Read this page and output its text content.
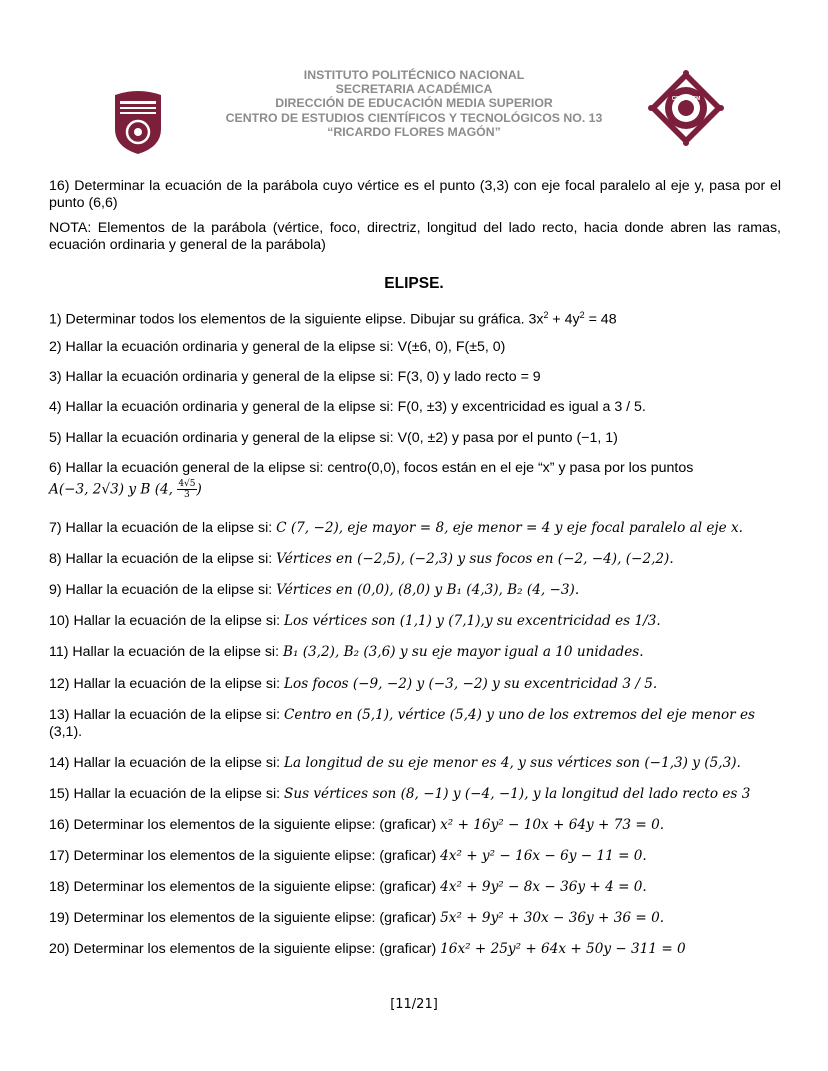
IPN
INSTITUTO POLITÉCNICO NACIONAL
SECRETARIA ACADÉMICA
DIRECCIÓN DE EDUCACIÓN MEDIA SUPERIOR
CENTRO DE ESTUDIOS CIENTÍFICOS Y TECNOLÓGICOS NO. 13
“RICARDO FLORES MAGÓN”
CECyT RFM

16) Determinar la ecuación de la parábola cuyo vértice es el punto (3,3) con eje focal paralelo al eje y, pasa por el punto (6,6)

NOTA: Elementos de la parábola (vértice, foco, directriz, longitud del lado recto, hacia donde abren las ramas, ecuación ordinaria y general de la parábola)

ELIPSE.
1) Determinar todos los elementos de la siguiente elipse. Dibujar su gráfica. $3x^2 + 4y^2 = 48$
2) Hallar la ecuación ordinaria y general de la elipse si: V(±6, 0), F(±5, 0)
3) Hallar la ecuación ordinaria y general de la elipse si: F(3, 0) y lado recto = 9
4) Hallar la ecuación ordinaria y general de la elipse si: F(0, ±3) y excentricidad es igual a 3 / 5.
5) Hallar la ecuación ordinaria y general de la elipse si: V(0, ±2) y pasa por el punto (−1, 1)
6) Hallar la ecuación general de la elipse si: centro(0,0), focos están en el eje “x” y pasa por los puntos
A(−3, 2√3) y B (4, $\frac{4√5}{3}$ )
7) Hallar la ecuación de la elipse si: C (7, −2), eje mayor = 8, eje menor = 4 y eje focal paralelo al eje x.
8) Hallar la ecuación de la elipse si: Vértices en (−2,5), (−2,3) y sus focos en (−2, −4), (−2,2).
9) Hallar la ecuación de la elipse si: Vértices en (0,0), (8,0) y B₁ (4,3), B₂ (4, −3).
10) Hallar la ecuación de la elipse si: Los vértices son (1,1) y (7,1),y su excentricidad es 1/3.
11) Hallar la ecuación de la elipse si: B₁ (3,2), B₂ (3,6) y su eje mayor igual a 10 unidades.
12) Hallar la ecuación de la elipse si: Los focos (−9, −2) y (−3, −2) y su excentricidad 3 / 5.
13) Hallar la ecuación de la elipse si: Centro en (5,1), vértice (5,4) y uno de los extremos del eje menor es
(3,1).
14) Hallar la ecuación de la elipse si: La longitud de su eje menor es 4, y sus vértices son (−1,3) y (5,3).
15) Hallar la ecuación de la elipse si: Sus vértices son (8, −1) y (−4, −1), y la longitud del lado recto es 3
16) Determinar los elementos de la siguiente elipse: (graficar) x² + 16y² − 10x + 64y + 73 = 0.
17) Determinar los elementos de la siguiente elipse: (graficar) 4x² + y² − 16x − 6y − 11 = 0.
18) Determinar los elementos de la siguiente elipse: (graficar) 4x² + 9y² − 8x − 36y + 4 = 0.
19) Determinar los elementos de la siguiente elipse: (graficar) 5x² + 9y² + 30x − 36y + 36 = 0.
20) Determinar los elementos de la siguiente elipse: (graficar) 16x² + 25y² + 64x + 50y − 311 = 0
[11/21]
